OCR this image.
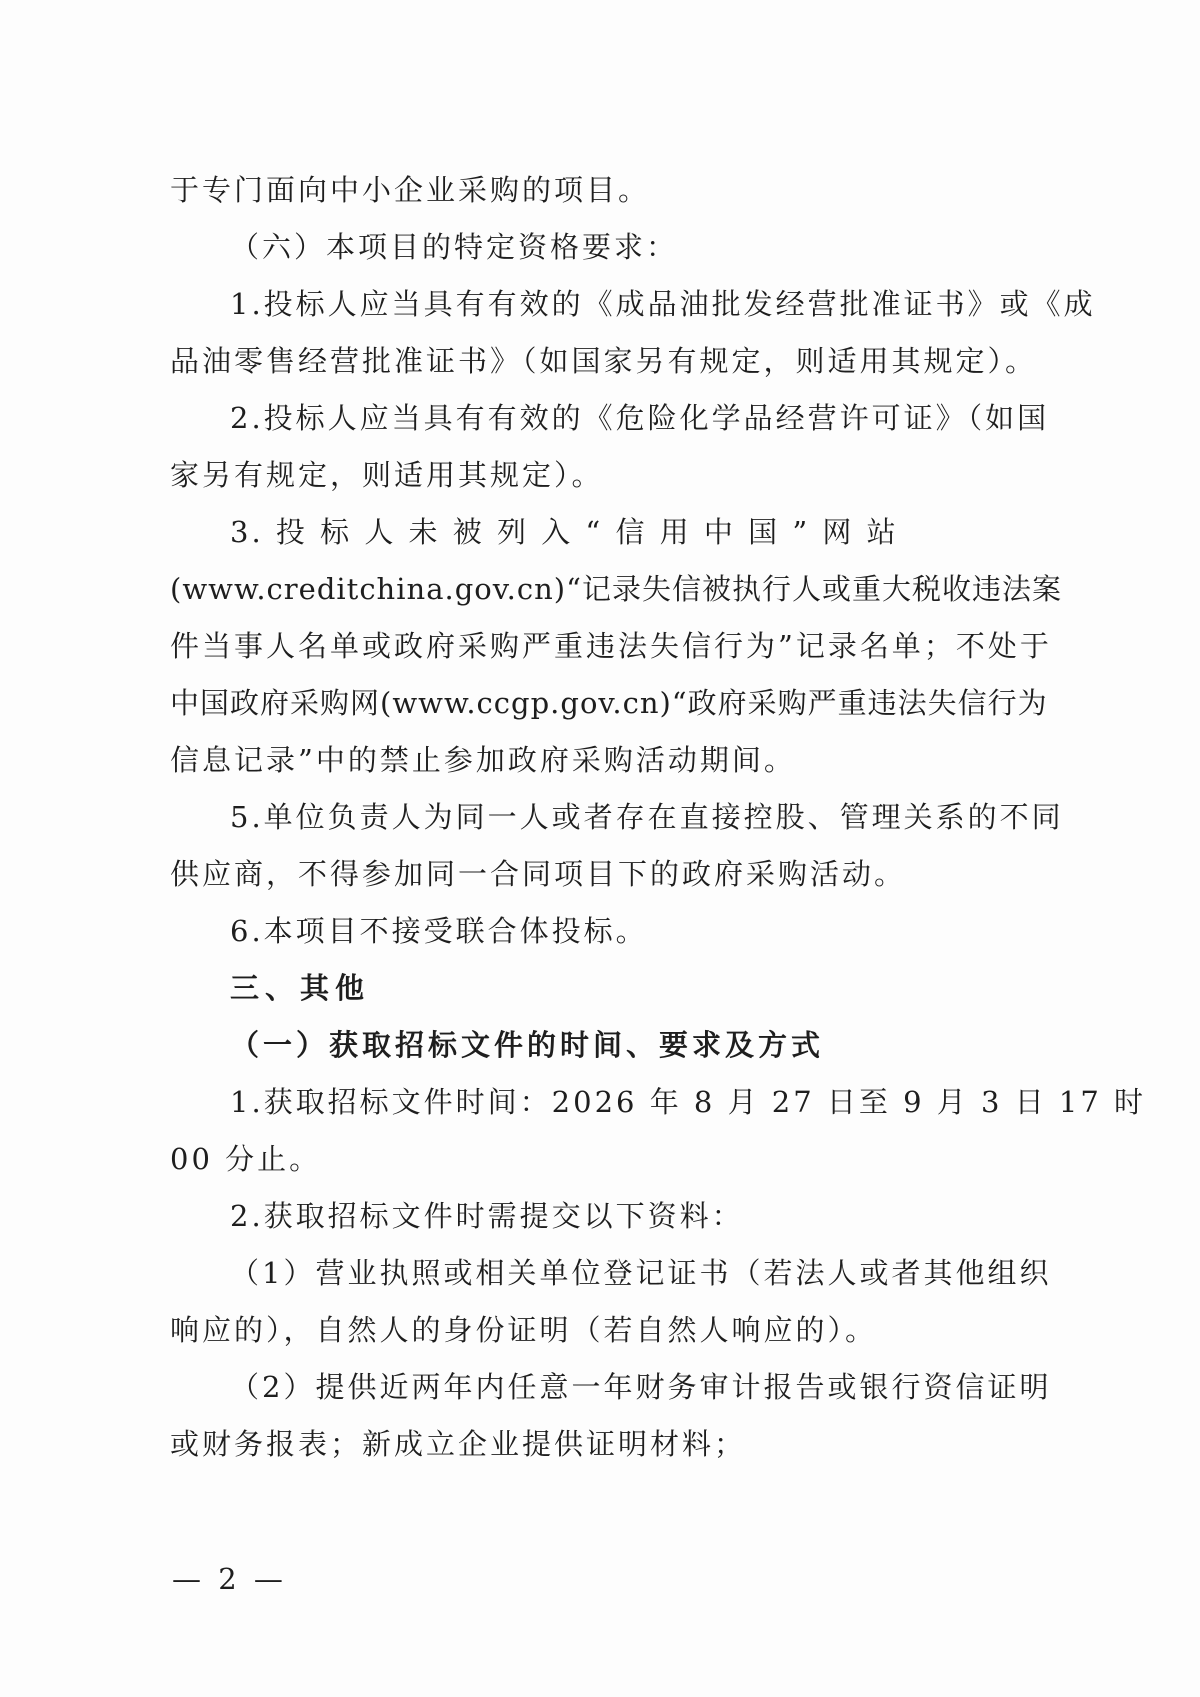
于专门面向中小企业采购的项目。
（六）本项目的特定资格要求：
1.投标人应当具有有效的《成品油批发经营批准证书》或《成
品油零售经营批准证书》（如国家另有规定，则适用其规定）。
2.投标人应当具有有效的《危险化学品经营许可证》（如国
家另有规定，则适用其规定）。
3. 投 标 人 未 被 列 入 “ 信 用 中 国 ” 网 站
(www.creditchina.gov.cn)“记录失信被执行人或重大税收违法案
件当事人名单或政府采购严重违法失信行为”记录名单；不处于
中国政府采购网(www.ccgp.gov.cn)“政府采购严重违法失信行为
信息记录”中的禁止参加政府采购活动期间。
5.单位负责人为同一人或者存在直接控股、管理关系的不同
供应商，不得参加同一合同项目下的政府采购活动。
6.本项目不接受联合体投标。
三、其他
（一）获取招标文件的时间、要求及方式
1.获取招标文件时间：2026 年 8 月 27 日至 9 月 3 日 17 时
00 分止。
2.获取招标文件时需提交以下资料：
（1）营业执照或相关单位登记证书（若法人或者其他组织
响应的），自然人的身份证明（若自然人响应的）。
（2）提供近两年内任意一年财务审计报告或银行资信证明
或财务报表；新成立企业提供证明材料；
— 2 —
